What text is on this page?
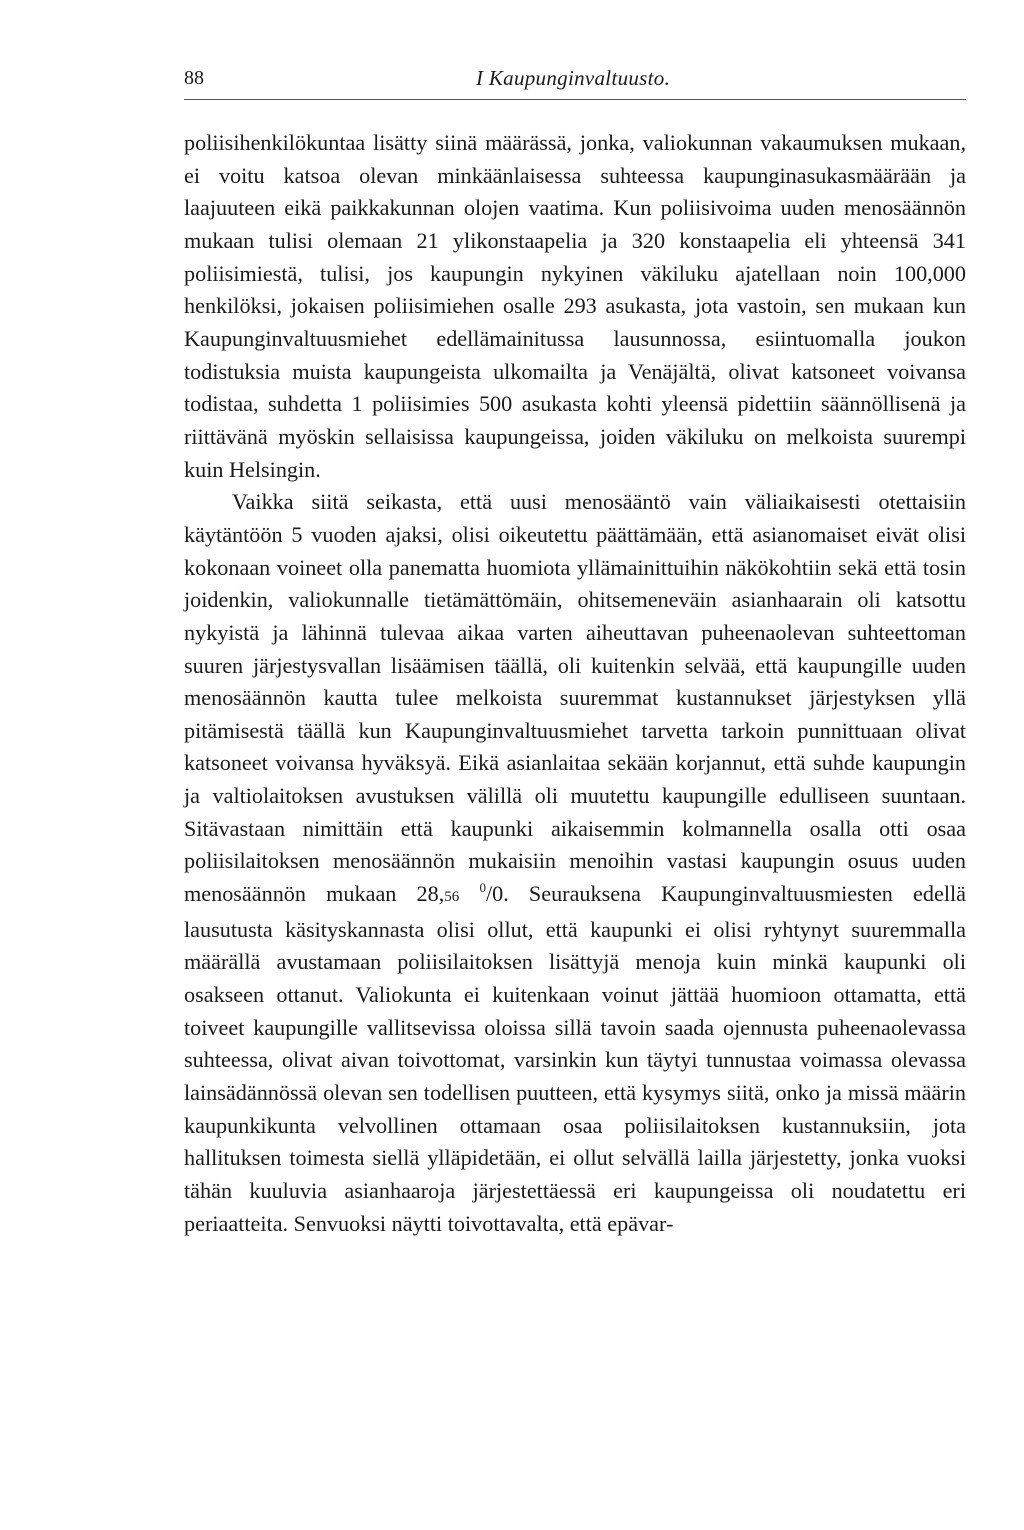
88	I Kaupunginvaltuusto.

poliisihenkilökuntaa lisätty siinä määrässä, jonka, valiokunnan vakaumuksen mukaan, ei voitu katsoa olevan minkäänlaisessa suhteessa kaupunginasukasmäärään ja laajuuteen eikä paikkakunnan olojen vaatima. Kun poliisivoima uuden menosäännön mukaan tulisi olemaan 21 ylikonstaapelia ja 320 konstaapelia eli yhteensä 341 poliisimiestä, tulisi, jos kaupungin nykyinen väkiluku ajatellaan noin 100,000 henkilöksi, jokaisen poliisimiehen osalle 293 asukasta, jota vastoin, sen mukaan kun Kaupunginvaltuusmiehet edellämainitussa lausunnossa, esiintuomalla joukon todistuksia muista kaupungeista ulkomailta ja Venäjältä, olivat katsoneet voivansa todistaa, suhdetta 1 poliisimies 500 asukasta kohti yleensä pidettiin säännöllisenä ja riittävänä myöskin sellaisissa kaupungeissa, joiden väkiluku on melkoista suurempi kuin Helsingin.

Vaikka siitä seikasta, että uusi menosääntö vain väliaikaisesti otettaisiin käytäntöön 5 vuoden ajaksi, olisi oikeutettu päättämään, että asianomaiset eivät olisi kokonaan voineet olla panematta huomiota yllämainittuihin näkökohtiin sekä että tosin joidenkin, valiokunnalle tietämättömäin, ohitsemeneväin asianhaarain oli katsottu nykyistä ja lähinnä tulevaa aikaa varten aiheuttavan puheenaolevan suhteettoman suuren järjestysvallan lisäämisen täällä, oli kuitenkin selvää, että kaupungille uuden menosäännön kautta tulee melkoista suuremmat kustannukset järjestyksen yllä pitämisestä täällä kun Kaupunginvaltuusmiehet tarvetta tarkoin punnittuaan olivat katsoneet voivansa hyväksyä. Eikä asianlaitaa sekään korjannut, että suhde kaupungin ja valtiolaitoksen avustuksen välillä oli muutettu kaupungille edulliseen suuntaan. Sitävastaan nimittäin että kaupunki aikaisemmin kolmannella osalla otti osaa poliisilaitoksen menosäännön mukaisiin menoihin vastasi kaupungin osuus uuden menosäännön mukaan 28,56 $^0$/0. Seurauksena Kaupunginvaltuusmiesten edellä lausutusta käsityskannasta olisi ollut, että kaupunki ei olisi ryhtynyt suuremmalla määrällä avustamaan poliisilaitoksen lisättyjä menoja kuin minkä kaupunki oli osakseen ottanut. Valiokunta ei kuitenkaan voinut jättää huomioon ottamatta, että toiveet kaupungille vallitsevissa oloissa sillä tavoin saada ojennusta puheenaolevassa suhteessa, olivat aivan toivottomat, varsinkin kun täytyi tunnustaa voimassa olevassa lainsädännössä olevan sen todellisen puutteen, että kysymys siitä, onko ja missä määrin kaupunkikunta velvollinen ottamaan osaa poliisilaitoksen kustannuksiin, jota hallituksen toimesta siellä ylläpidetään, ei ollut selvällä lailla järjestetty, jonka vuoksi tähän kuuluvia asianhaaroja järjestettäessä eri kaupungeissa oli noudatettu eri periaatteita. Senvuoksi näytti toivottavalta, että epävar-
